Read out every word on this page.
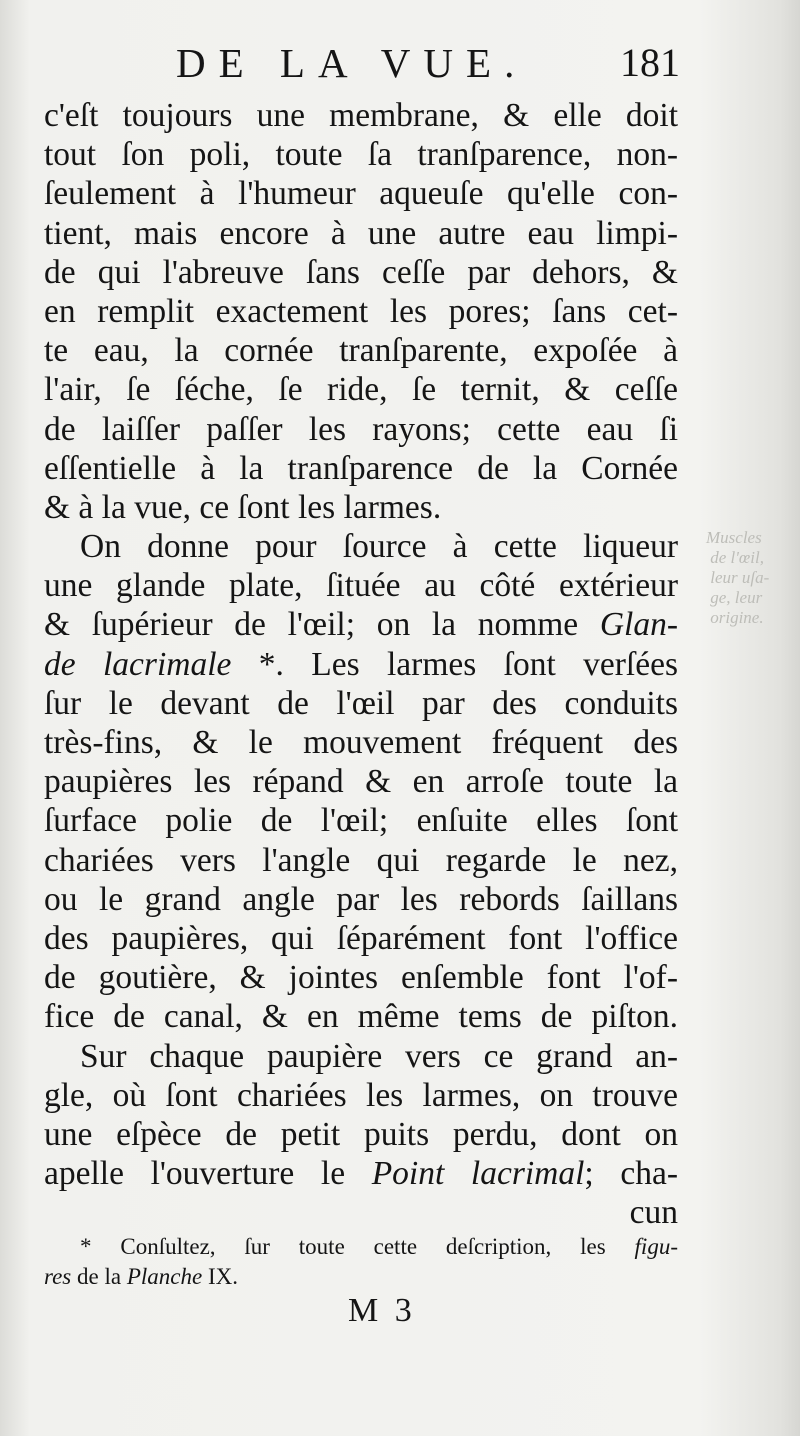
Muscles
de l'œil,
leur uſa-
ge, leur
origine.
DE LA VUE. 181
c'eſt toujours une membrane, & elle doit
tout ſon poli, toute ſa tranſparence, non-
ſeulement à l'humeur aqueuſe qu'elle con-
tient, mais encore à une autre eau limpi-
de qui l'abreuve ſans ceſſe par dehors, &
en remplit exactement les pores; ſans cet-
te eau, la cornée tranſparente, expoſée à
l'air, ſe ſéche, ſe ride, ſe ternit, & ceſſe
de laiſſer paſſer les rayons; cette eau ſi
eſſentielle à la tranſparence de la Cornée
& à la vue, ce ſont les larmes.
On donne pour ſource à cette liqueur
une glande plate, ſituée au côté extérieur
& ſupérieur de l'œil; on la nomme Glan-
de lacrimale *. Les larmes ſont verſées
ſur le devant de l'œil par des conduits
très-fins, & le mouvement fréquent des
paupières les répand & en arroſe toute la
ſurface polie de l'œil; enſuite elles ſont
chariées vers l'angle qui regarde le nez,
ou le grand angle par les rebords ſaillans
des paupières, qui ſéparément font l'office
de goutière, & jointes enſemble font l'of-
fice de canal, & en même tems de piſton.
Sur chaque paupière vers ce grand an-
gle, où ſont chariées les larmes, on trouve
une eſpèce de petit puits perdu, dont on
apelle l'ouverture le Point lacrimal; cha-
cun
* Conſultez, ſur toute cette deſcription, les figu-
res de la Planche IX.
M 3
